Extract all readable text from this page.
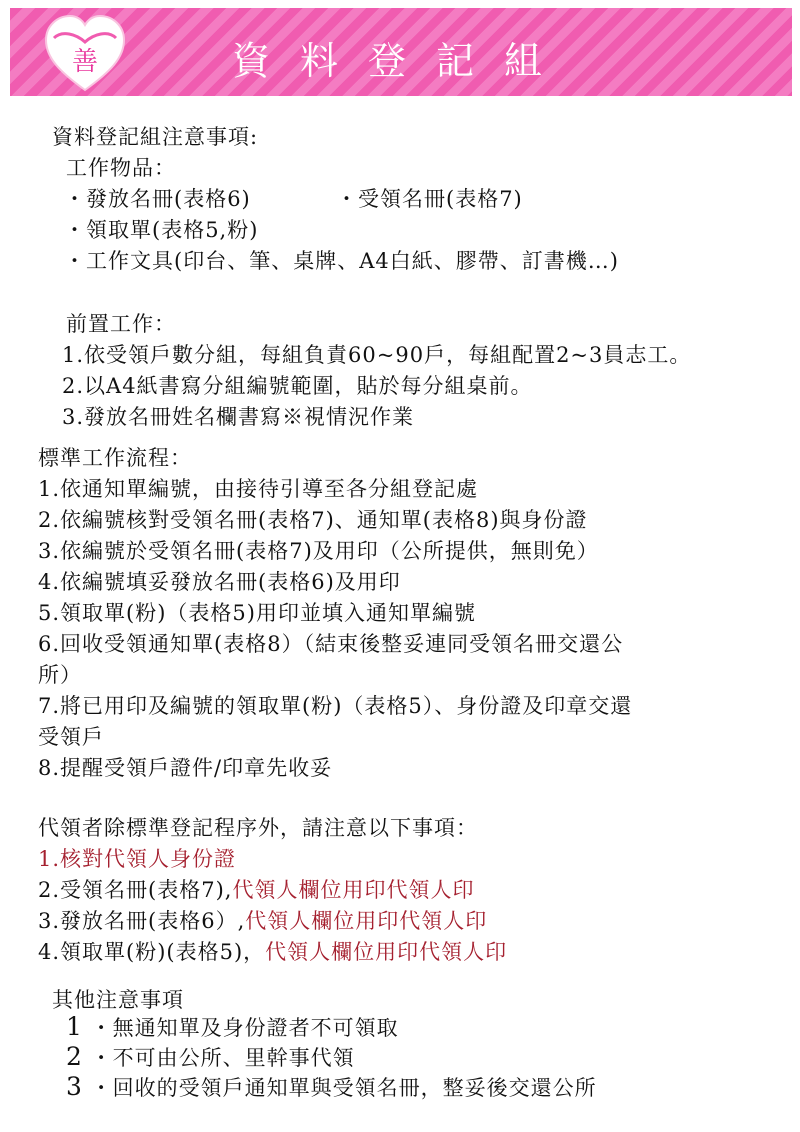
善	資料登記組
資料登記組注意事項:
工作物品：
・發放名冊(表格6)	・受領名冊(表格7)
・領取單(表格5,粉)
・工作文具(印台、筆、桌牌、A4白紙、膠帶、訂書機…)
前置工作：
1.依受領戶數分組，每組負責60~90戶，每組配置2~3員志工。
2.以A4紙書寫分組編號範圍，貼於每分組桌前。
3.發放名冊姓名欄書寫※視情況作業
標準工作流程：
1.依通知單編號，由接待引導至各分組登記處
2.依編號核對受領名冊(表格7)、通知單(表格8)與身份證
3.依編號於受領名冊(表格7)及用印（公所提供，無則免）
4.依編號填妥發放名冊(表格6)及用印
5.領取單(粉)（表格5)用印並填入通知單編號
6.回收受領通知單(表格8）（結束後整妥連同受領名冊交還公
所）
7.將已用印及編號的領取單(粉)（表格5）、身份證及印章交還
受領戶
8.提醒受領戶證件/印章先收妥
代領者除標準登記程序外，請注意以下事項：
1.核對代領人身份證
2.受領名冊(表格7),代領人欄位用印代領人印
3.發放名冊(表格6）,代領人欄位用印代領人印
4.領取單(粉)(表格5)，代領人欄位用印代領人印
其他注意事項
1 ・無通知單及身份證者不可領取
2 ・不可由公所、里幹事代領
3 ・回收的受領戶通知單與受領名冊，整妥後交還公所
